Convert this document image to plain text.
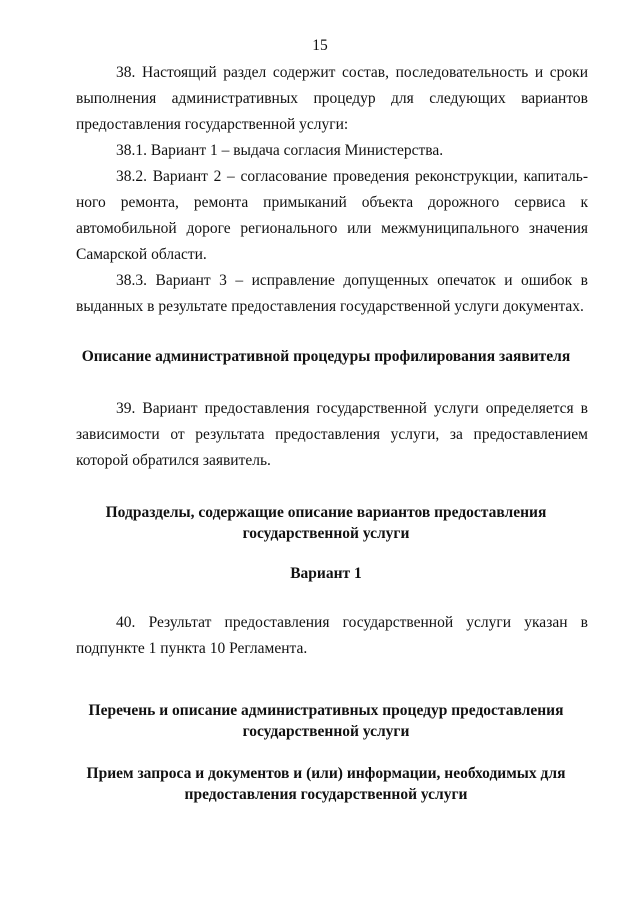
15
38. Настоящий раздел содержит состав, последовательность и сроки
выполнения административных процедур для следующих вариантов
предоставления государственной услуги:
38.1. Вариант 1 – выдача согласия Министерства.
38.2. Вариант 2 – согласование проведения реконструкции, капиталь-
ного ремонта, ремонта примыканий объекта дорожного сервиса к
автомобильной дороге регионального или межмуниципального значения
Самарской области.
38.3. Вариант 3 – исправление допущенных опечаток и ошибок в
выданных в результате предоставления государственной услуги документах.
Описание административной процедуры профилирования заявителя
39. Вариант предоставления государственной услуги определяется в
зависимости от результата предоставления услуги, за предоставлением
которой обратился заявитель.
Подразделы, содержащие описание вариантов предоставления
государственной услуги
Вариант 1
40. Результат предоставления государственной услуги указан в
подпункте 1 пункта 10 Регламента.
Перечень и описание административных процедур предоставления
государственной услуги
Прием запроса и документов и (или) информации, необходимых для
предоставления государственной услуги
